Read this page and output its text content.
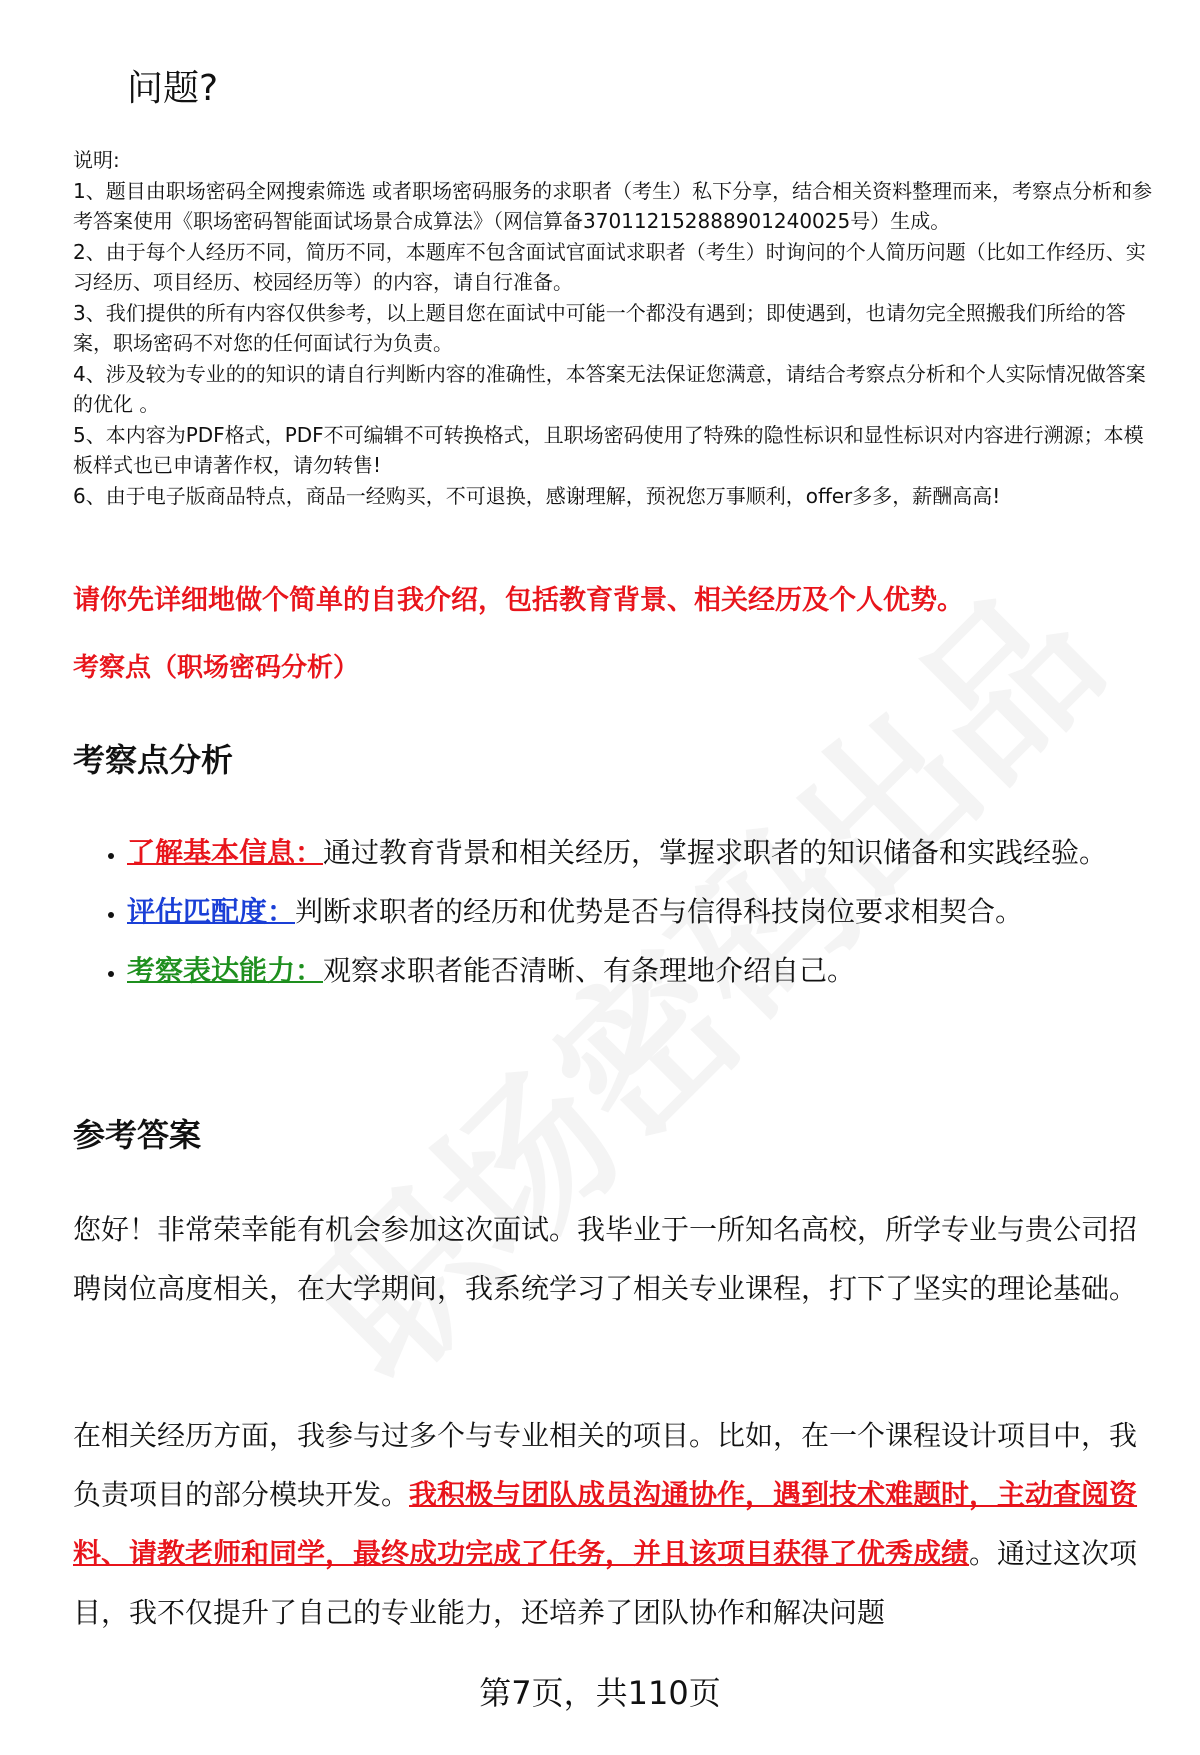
问题?
说明:
1、题目由职场密码全网搜索筛选 或者职场密码服务的求职者（考生）私下分享，结合相关资料整理而来，考察点分析和参考答案使用《职场密码智能面试场景合成算法》（网信算备370112152888901240025号）生成。
2、由于每个人经历不同，简历不同，本题库不包含面试官面试求职者（考生）时询问的个人简历问题（比如工作经历、实习经历、项目经历、校园经历等）的内容，请自行准备。
3、我们提供的所有内容仅供参考，以上题目您在面试中可能一个都没有遇到；即使遇到，也请勿完全照搬我们所给的答案，职场密码不对您的任何面试行为负责。
4、涉及较为专业的的知识的请自行判断内容的准确性，本答案无法保证您满意，请结合考察点分析和个人实际情况做答案的优化 。
5、本内容为PDF格式，PDF不可编辑不可转换格式，且职场密码使用了特殊的隐性标识和显性标识对内容进行溯源；本模板样式也已申请著作权，请勿转售!
6、由于电子版商品特点，商品一经购买，不可退换，感谢理解，预祝您万事顺利，offer多多，薪酬高高!
请你先详细地做个简单的自我介绍，包括教育背景、相关经历及个人优势。
考察点（职场密码分析）
考察点分析
• 了解基本信息：通过教育背景和相关经历，掌握求职者的知识储备和实践经验。
• 评估匹配度：判断求职者的经历和优势是否与信得科技岗位要求相契合。
• 考察表达能力：观察求职者能否清晰、有条理地介绍自己。
参考答案
您好！非常荣幸能有机会参加这次面试。我毕业于一所知名高校，所学专业与贵公司招聘岗位高度相关，在大学期间，我系统学习了相关专业课程，打下了坚实的理论基础。
在相关经历方面，我参与过多个与专业相关的项目。比如，在一个课程设计项目中，我负责项目的部分模块开发。我积极与团队成员沟通协作，遇到技术难题时，主动查阅资料、请教老师和同学，最终成功完成了任务，并且该项目获得了优秀成绩。通过这次项目，我不仅提升了自己的专业能力，还培养了团队协作和解决问题
第7页，共110页
